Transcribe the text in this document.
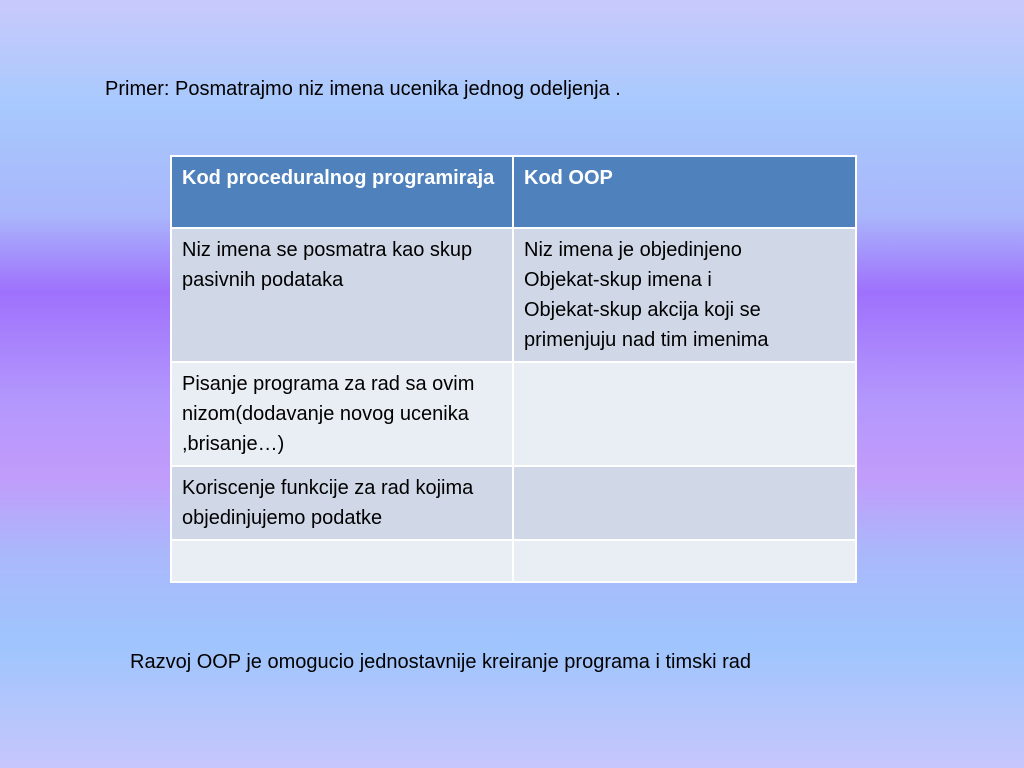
Primer: Posmatrajmo niz imena ucenika jednog odeljenja .
Kod proceduralnog programiraja	Kod OOP
Niz imena se posmatra kao skup pasivnih podataka	Niz imena je objedinjeno
Objekat-skup imena i
Objekat-skup akcija koji se primenjuju nad tim imenima

Pisanje programa za rad sa ovim nizom(dodavanje novog ucenika ,brisanje…)	
Koriscenje funkcije za rad kojima objedinjujemo podatke	

Razvoj OOP je omogucio jednostavnije kreiranje programa i timski rad
